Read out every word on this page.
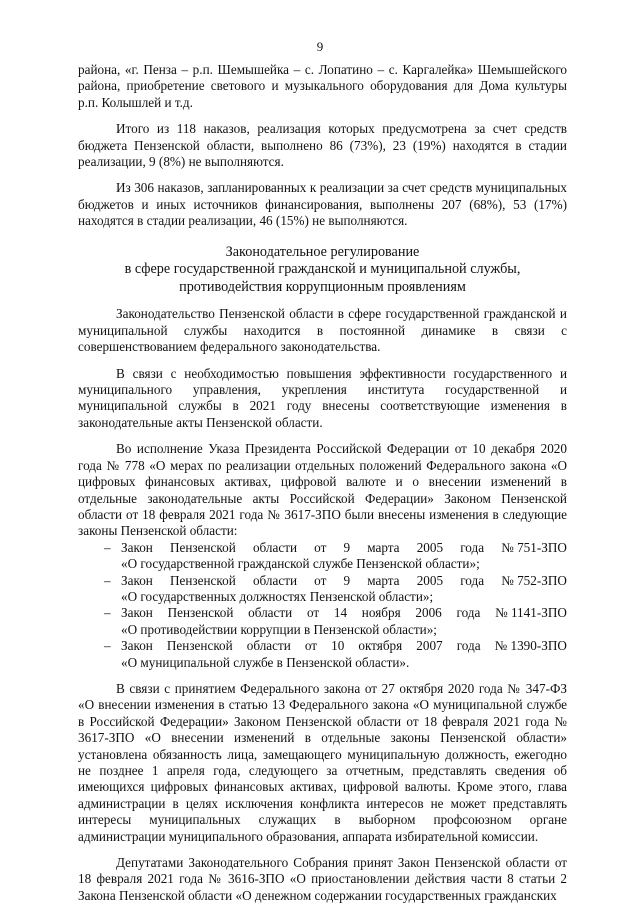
9

района, «г. Пенза – р.п. Шемышейка – с. Лопатино – с. Каргалейка» Шемышейского района, приобретение светового и музыкального оборудования для Дома культуры р.п. Колышлей и т.д.

Итого из 118 наказов, реализация которых предусмотрена за счет средств бюджета Пензенской области, выполнено 86 (73%), 23 (19%) находятся в стадии реализации, 9 (8%) не выполняются.

Из 306 наказов, запланированных к реализации за счет средств муниципальных бюджетов и иных источников финансирования, выполнены 207 (68%), 53 (17%) находятся в стадии реализации, 46 (15%) не выполняются.

Законодательное регулирование
в сфере государственной гражданской и муниципальной службы,
противодействия коррупционным проявлениям

Законодательство Пензенской области в сфере государственной гражданской и муниципальной службы находится в постоянной динамике в связи с совершенствованием федерального законодательства.

В связи с необходимостью повышения эффективности государственного и муниципального управления, укрепления института государственной и муниципальной службы в 2021 году внесены соответствующие изменения в законодательные акты Пензенской области.

Во исполнение Указа Президента Российской Федерации от 10 декабря 2020 года № 778 «О мерах по реализации отдельных положений Федерального закона «О цифровых финансовых активах, цифровой валюте и о внесении изменений в отдельные законодательные акты Российской Федерации» Законом Пензенской области от 18 февраля 2021 года № 3617-ЗПО были внесены изменения в следующие законы Пензенской области:

– Закон Пензенской области от 9 марта 2005 года № 751-ЗПО
«О государственной гражданской службе Пензенской области»;
– Закон Пензенской области от 9 марта 2005 года № 752-ЗПО
«О государственных должностях Пензенской области»;
– Закон Пензенской области от 14 ноября 2006 года № 1141-ЗПО
«О противодействии коррупции в Пензенской области»;
– Закон Пензенской области от 10 октября 2007 года № 1390-ЗПО
«О муниципальной службе в Пензенской области».

В связи с принятием Федерального закона от 27 октября 2020 года № 347-ФЗ «О внесении изменения в статью 13 Федерального закона «О муниципальной службе в Российской Федерации» Законом Пензенской области от 18 февраля 2021 года № 3617-ЗПО «О внесении изменений в отдельные законы Пензенской области» установлена обязанность лица, замещающего муниципальную должность, ежегодно не позднее 1 апреля года, следующего за отчетным, представлять сведения об имеющихся цифровых финансовых активах, цифровой валюты. Кроме этого, глава администрации в целях исключения конфликта интересов не может представлять интересы муниципальных служащих в выборном профсоюзном органе администрации муниципального образования, аппарата избирательной комиссии.

Депутатами Законодательного Собрания принят Закон Пензенской области от 18 февраля 2021 года № 3616-ЗПО «О приостановлении действия части 8 статьи 2 Закона Пензенской области «О денежном содержании государственных гражданских
